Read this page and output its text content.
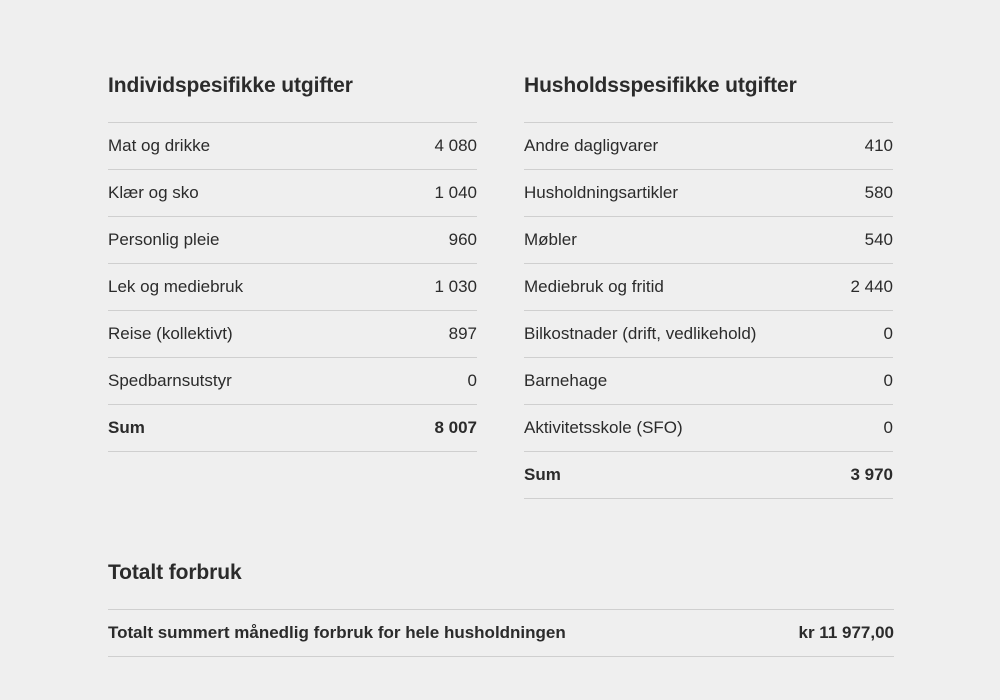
Individspesifikke utgifter
Mat og drikke	4 080
Klær og sko	1 040
Personlig pleie	960
Lek og mediebruk	1 030
Reise (kollektivt)	897
Spedbarnsutstyr	0
Sum	8 007
Husholdsspesifikke utgifter
Andre dagligvarer	410
Husholdningsartikler	580
Møbler	540
Mediebruk og fritid	2 440
Bilkostnader (drift, vedlikehold)	0
Barnehage	0
Aktivitetsskole (SFO)	0
Sum	3 970
Totalt forbruk
Totalt summert månedlig forbruk for hele husholdningen	kr 11 977,00
